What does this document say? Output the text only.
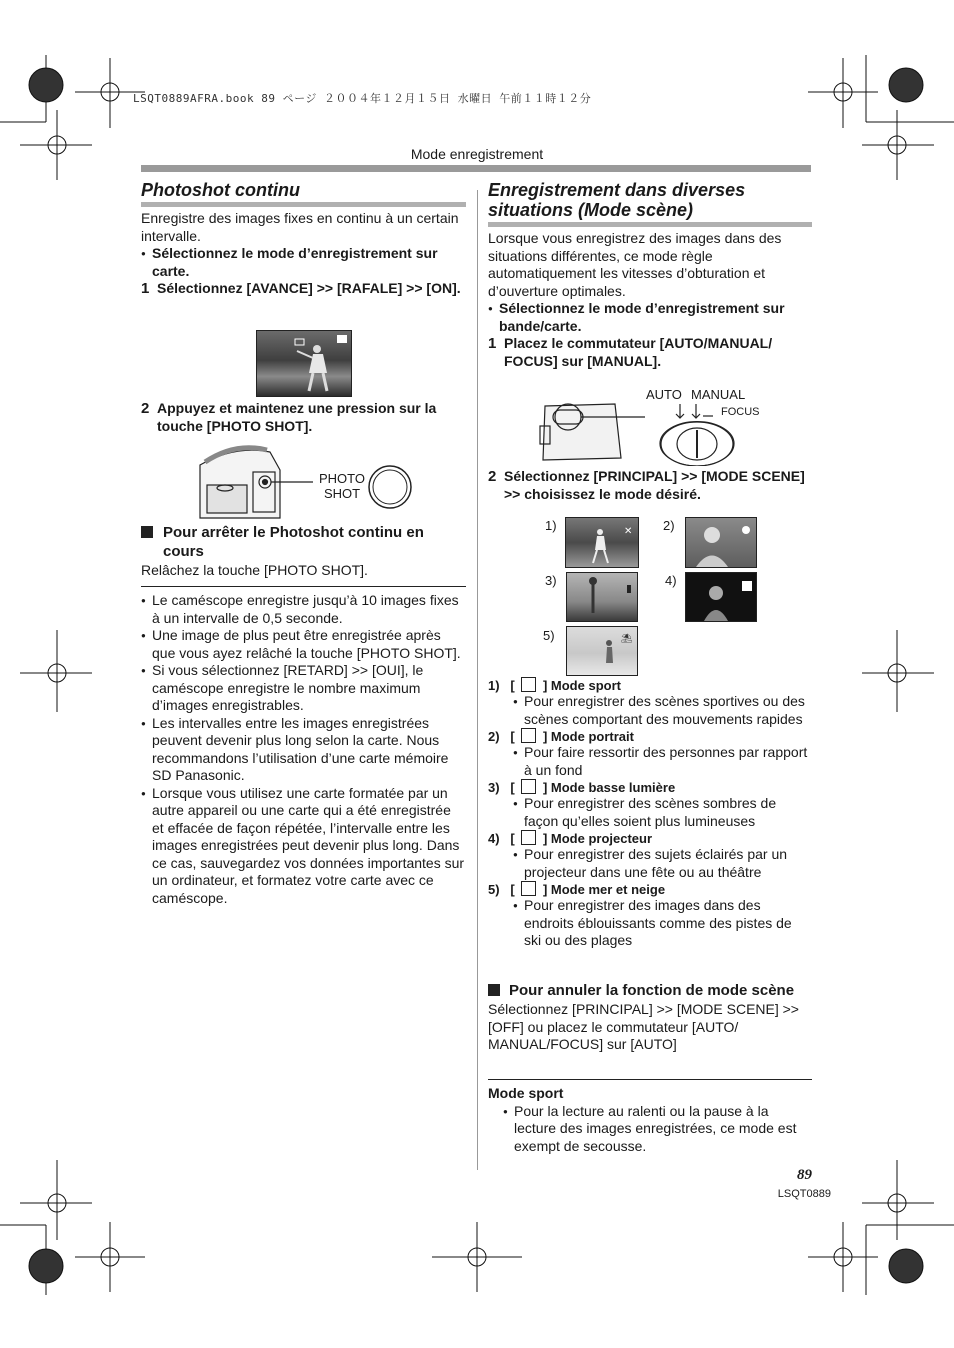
LSQT0889AFRA.book 89 ページ ２００４年１２月１５日 水曜日 午前１１時１２分
Mode enregistrement
Photoshot continu

Enregistre des images fixes en continu à un certain intervalle.

● Sélectionnez le mode d’enregistrement sur carte.

1 Sélectionnez [AVANCE] >> [RAFALE] >> [ON].

2 Appuyez et maintenez une pression sur la touche [PHOTO SHOT].

PHOTO
SHOT
Pour arrêter le Photoshot continu en cours

Relâchez la touche [PHOTO SHOT].

● Le caméscope enregistre jusqu’à 10 images fixes à un intervalle de 0,5 seconde.

● Une image de plus peut être enregistrée après que vous ayez relâché la touche [PHOTO SHOT].

● Si vous sélectionnez [RETARD] >> [OUI], le caméscope enregistre le nombre maximum d’images enregistrables.

● Les intervalles entre les images enregistrées peuvent devenir plus long selon la carte. Nous recommandons l’utilisation d’une carte mémoire SD Panasonic.

● Lorsque vous utilisez une carte formatée par un autre appareil ou une carte qui a été enregistrée et effacée de façon répétée, l’intervalle entre les images enregistrées peut devenir plus long. Dans ce cas, sauvegardez vos données importantes sur un ordinateur, et formatez votre carte avec ce caméscope.

Enregistrement dans diverses
situations (Mode scène)

Lorsque vous enregistrez des images dans des situations différentes, ce mode règle automatiquement les vitesses d’obturation et d’ouverture optimales.

● Sélectionnez le mode d’enregistrement sur bande/carte.

1 Placez le commutateur [AUTO/MANUAL/ FOCUS] sur [MANUAL].

AUTO MANUAL
FOCUS

2 Sélectionnez [PRINCIPAL] >> [MODE SCENE] >> choisissez le mode désiré.

1)	✕ 2)
3)	4)
5)	⛱
1)   [  ] Mode sport

● Pour enregistrer des scènes sportives ou des scènes comportant des mouvements rapides

2)   [  ] Mode portrait

● Pour faire ressortir des personnes par rapport à un fond

3)   [  ] Mode basse lumière

● Pour enregistrer des scènes sombres de façon qu’elles soient plus lumineuses

4)   [  ] Mode projecteur

● Pour enregistrer des sujets éclairés par un projecteur dans une fête ou au théâtre

5)   [  ] Mode mer et neige

● Pour enregistrer des images dans des endroits éblouissants comme des pistes de ski ou des plages

Pour annuler la fonction de mode scène

Sélectionnez [PRINCIPAL] >> [MODE SCENE] >> [OFF] ou placez le commutateur [AUTO/ MANUAL/FOCUS] sur [AUTO]

Mode sport

● Pour la lecture au ralenti ou la pause à la lecture des images enregistrées, ce mode est exempt de secousse.

89
LSQT0889
